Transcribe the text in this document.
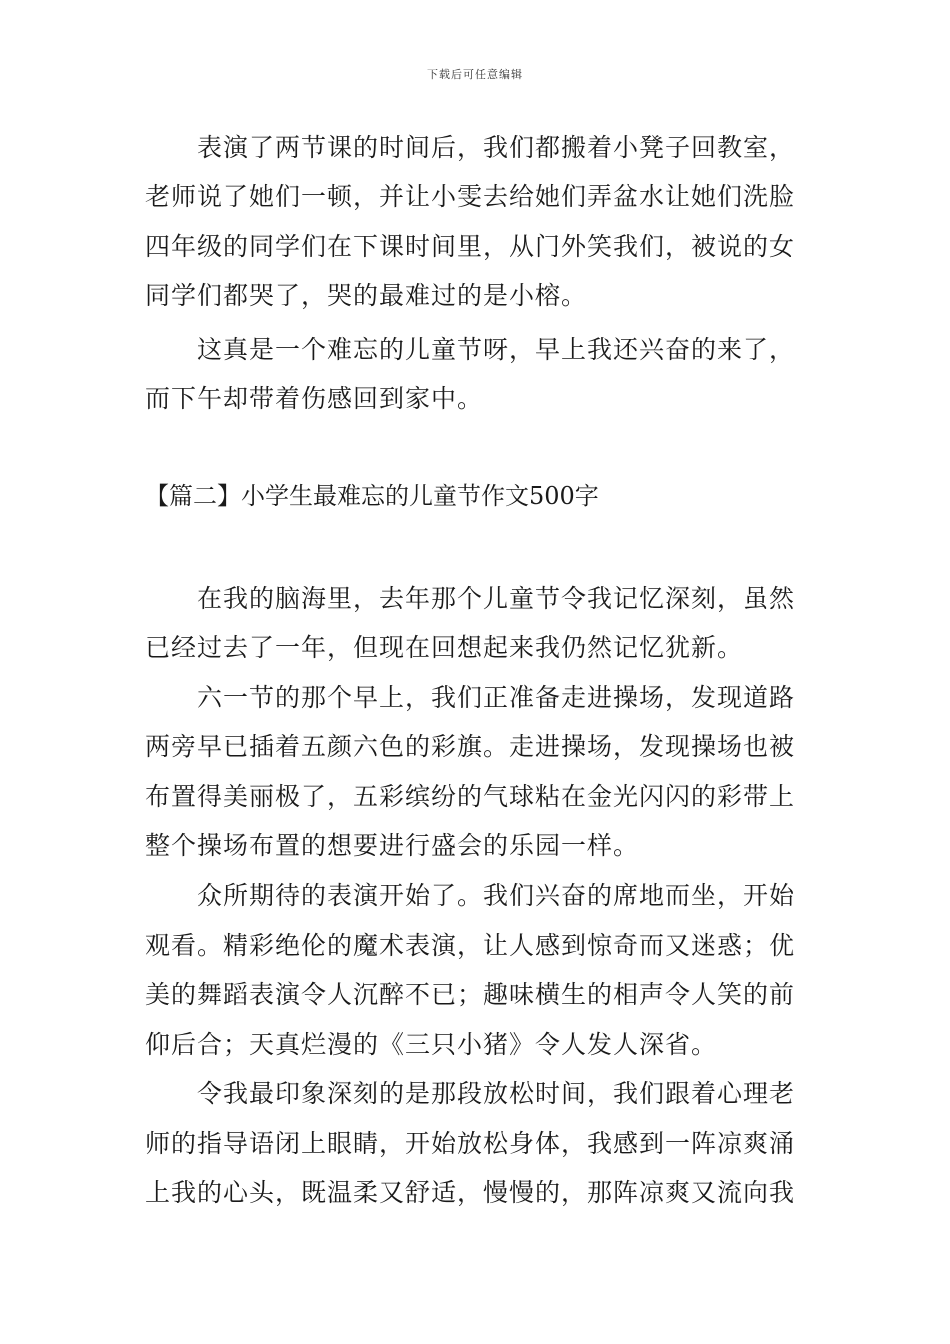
下载后可任意编辑
表演了两节课的时间后，我们都搬着小凳子回教室，
老师说了她们一顿，并让小雯去给她们弄盆水让她们洗脸
四年级的同学们在下课时间里，从门外笑我们，被说的女
同学们都哭了，哭的最难过的是小榕。
这真是一个难忘的儿童节呀，早上我还兴奋的来了，
而下午却带着伤感回到家中。
【篇二】小学生最难忘的儿童节作文500字
在我的脑海里，去年那个儿童节令我记忆深刻，虽然
已经过去了一年，但现在回想起来我仍然记忆犹新。
六一节的那个早上，我们正准备走进操场，发现道路
两旁早已插着五颜六色的彩旗。走进操场，发现操场也被
布置得美丽极了，五彩缤纷的气球粘在金光闪闪的彩带上
整个操场布置的想要进行盛会的乐园一样。
众所期待的表演开始了。我们兴奋的席地而坐，开始
观看。精彩绝伦的魔术表演，让人感到惊奇而又迷惑；优
美的舞蹈表演令人沉醉不已；趣味横生的相声令人笑的前
仰后合；天真烂漫的《三只小猪》令人发人深省。
令我最印象深刻的是那段放松时间，我们跟着心理老
师的指导语闭上眼睛，开始放松身体，我感到一阵凉爽涌
上我的心头，既温柔又舒适，慢慢的，那阵凉爽又流向我
